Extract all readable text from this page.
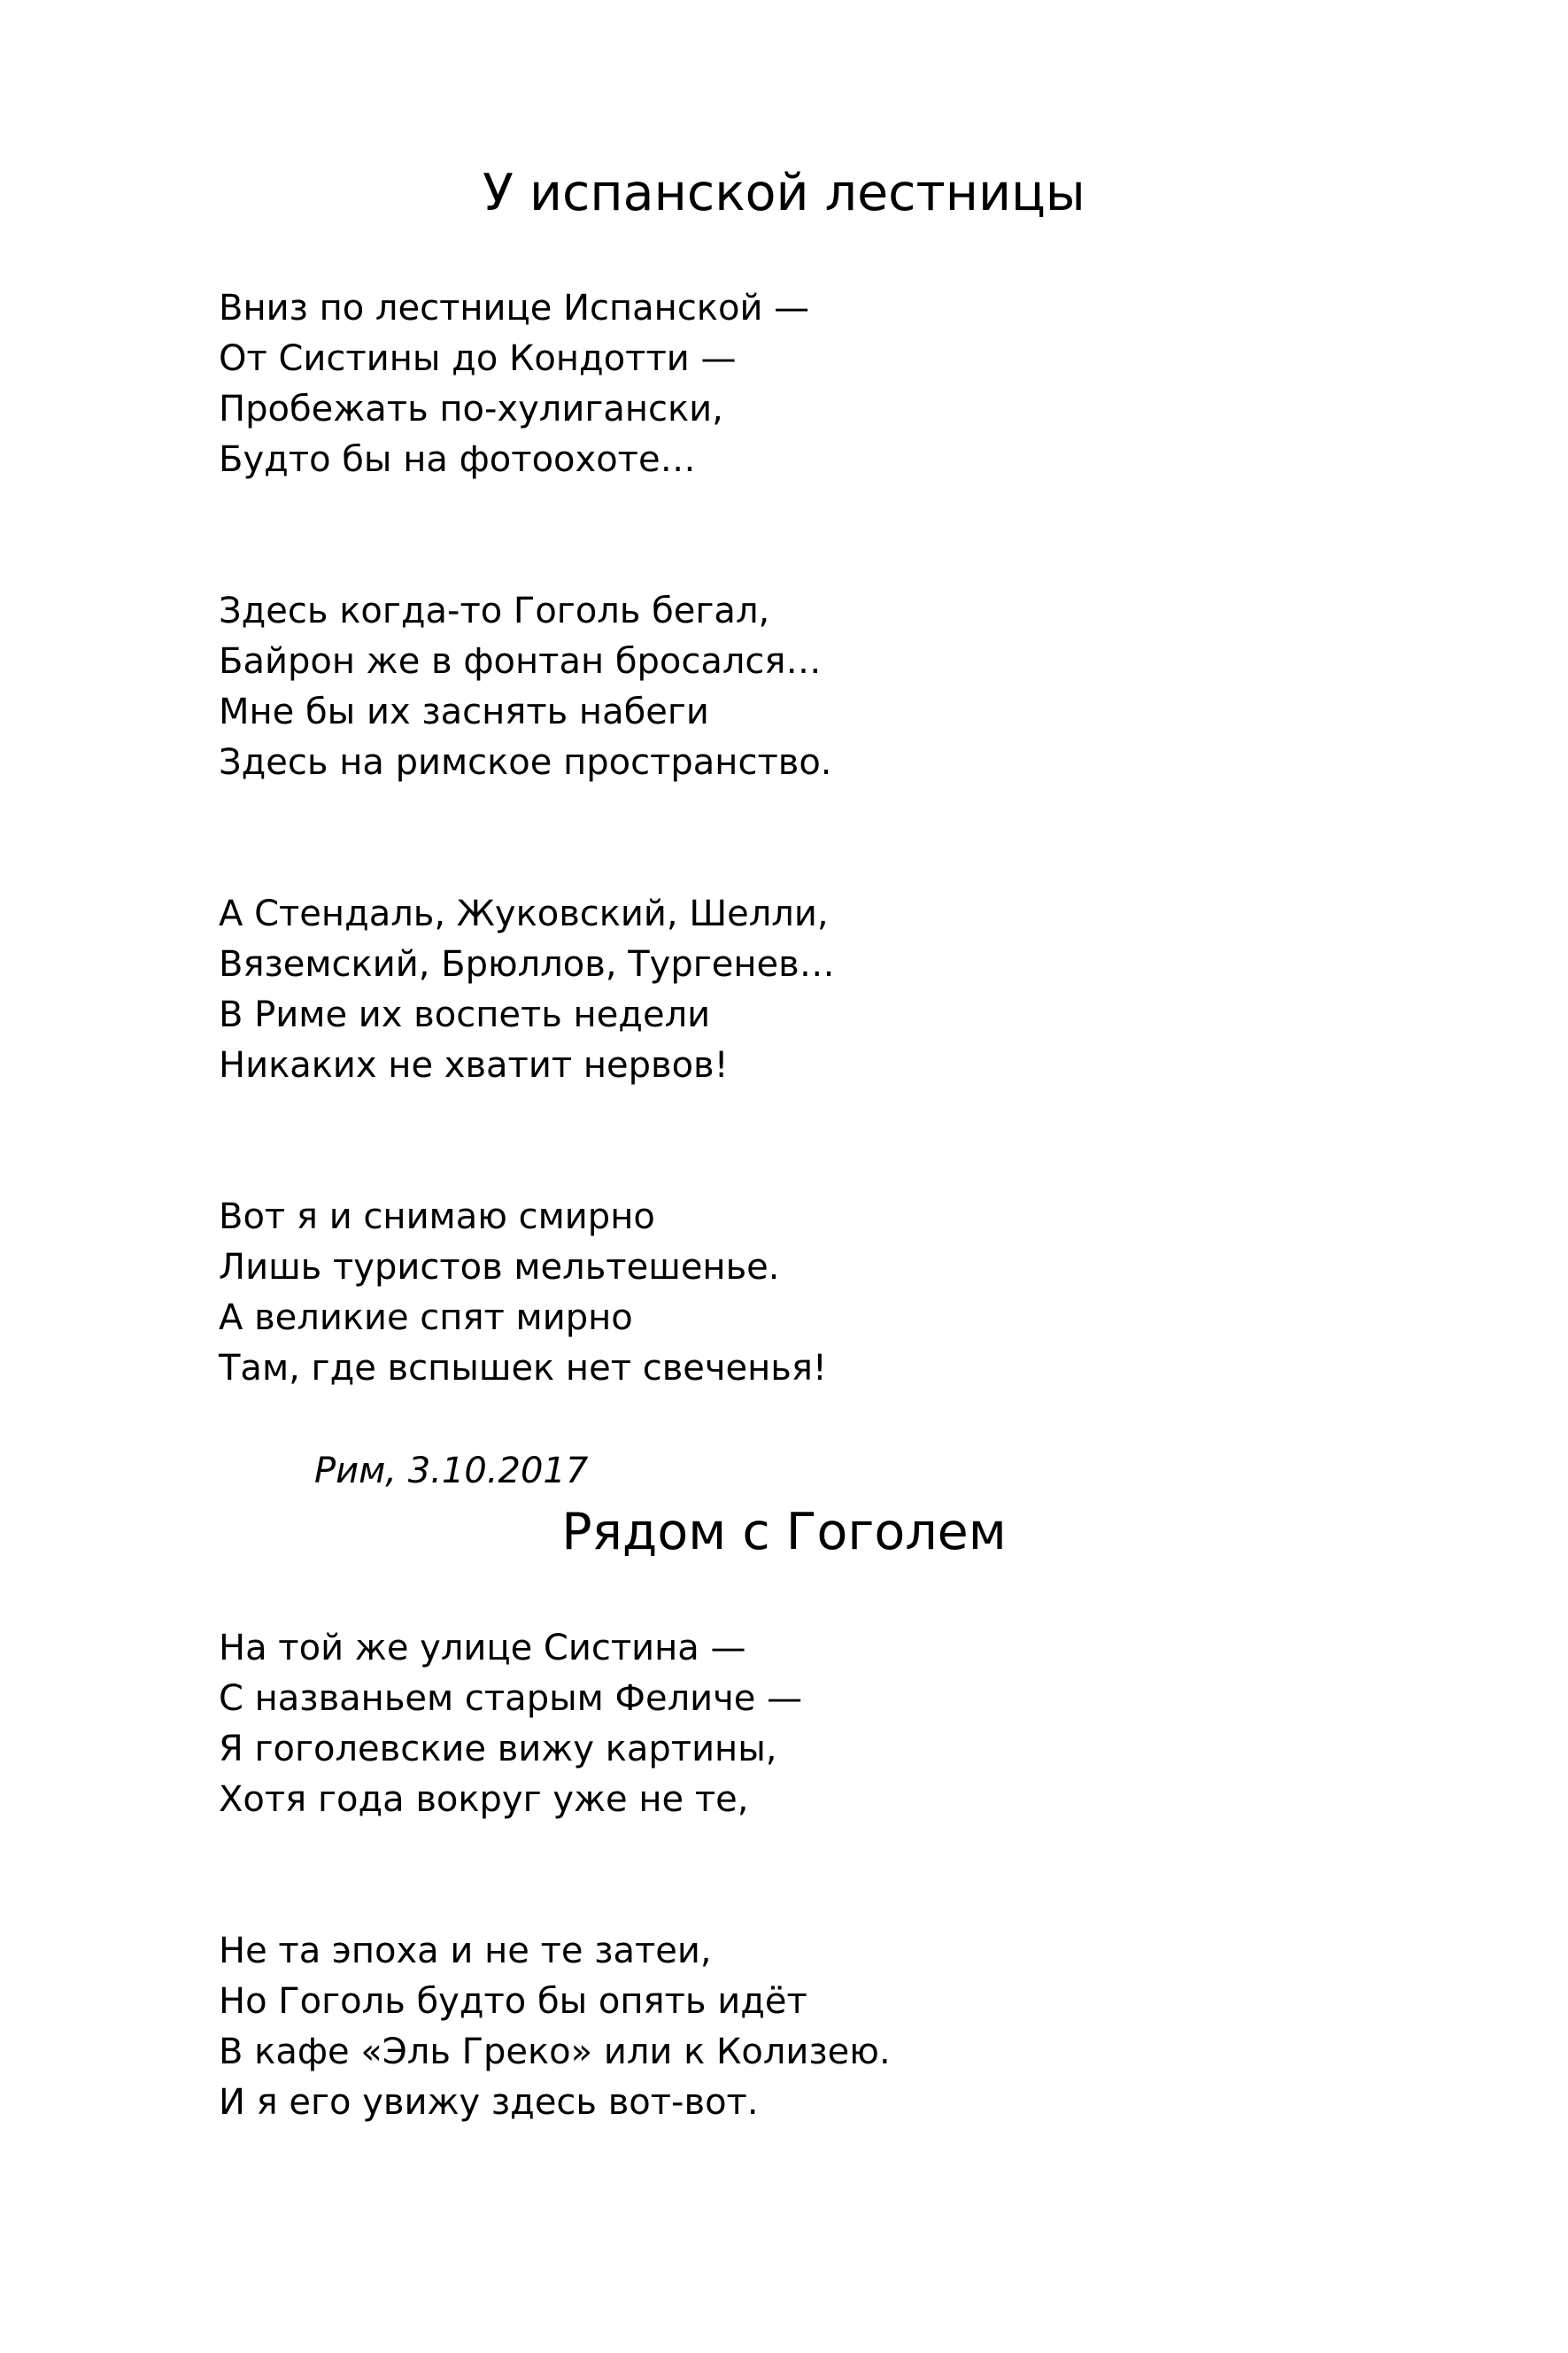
У испанской лестницы
Вниз по лестнице Испанской —
От Систины до Кондотти —
Пробежать по-хулигански,
Будто бы на фотоохоте…
Здесь когда-то Гоголь бегал,
Байрон же в фонтан бросался…
Мне бы их заснять набеги
Здесь на римское пространство.
А Стендаль, Жуковский, Шелли,
Вяземский, Брюллов, Тургенев…
В Риме их воспеть недели
Никаких не хватит нервов!
Вот я и снимаю смирно
Лишь туристов мельтешенье.
А великие спят мирно
Там, где вспышек нет свеченья!
Рим, 3.10.2017
Рядом с Гоголем
На той же улице Систина —
С названьем старым Феличе —
Я гоголевские вижу картины,
Хотя года вокруг уже не те,
Не та эпоха и не те затеи,
Но Гоголь будто бы опять идёт
В кафе «Эль Греко» или к Колизею.
И я его увижу здесь вот-вот.
